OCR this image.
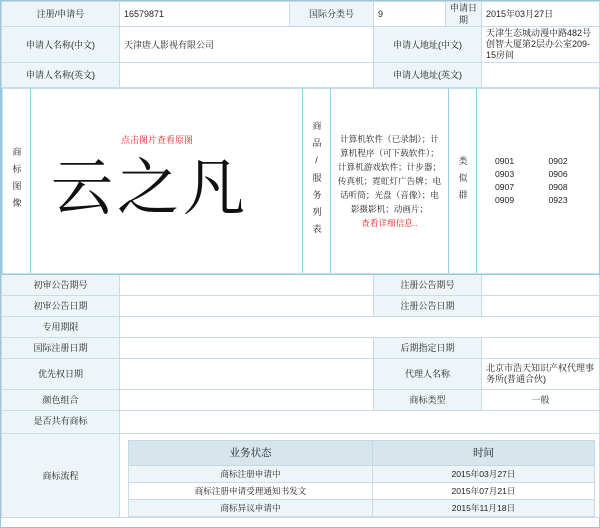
注册/申请号	16579871	国际分类号	9	申请日期	2015年03月27日
申请人名称(中文)	天津唐人影视有限公司	申请人地址(中文)	天津生态城动漫中路482号创智大厦第2层办公室209-15房间
申请人名称(英文)		申请人地址(英文)	

商标图像

点击图片查看原图
云之凡	商品/服务列表	计算机软件（已录制）；计算机程序（可下载软件）；计算机游戏软件；计步器；传真机；霓虹灯广告牌；电话听筒；光盘（音像）；电影摄影机；动画片；
查看详细信息..

类似群	0901	0902
0903	0906
0907	0908
0909	0923

初审公告期号		注册公告期号	
初审公告日期		注册公告日期	
专用期限	
国际注册日期		后期指定日期	
优先权日期		代理人名称	北京市浩天知识产权代理事务所(普通合伙)
颜色组合		商标类型	一般
是否共有商标	
商标流程	
业务状态	时间
商标注册申请中	2015年03月27日
商标注册申请受理通知书发文	2015年07月21日
商标异议申请中	2015年11月18日
